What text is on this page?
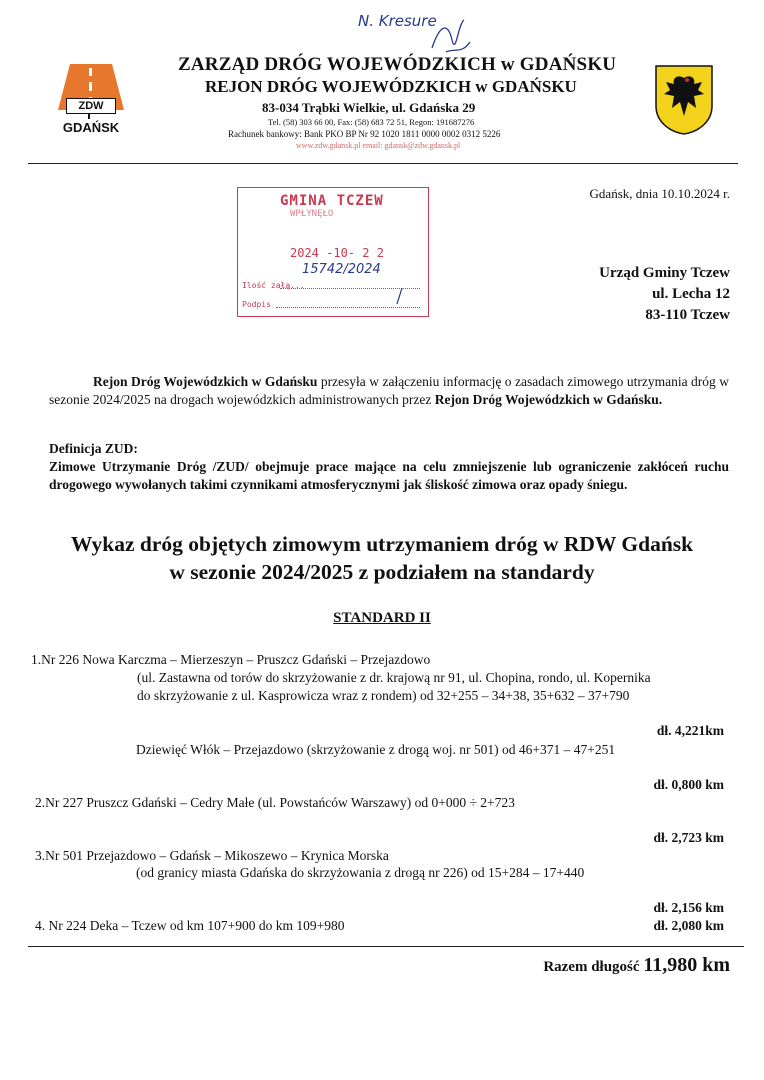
N. Kresure
ZDW
GDAŃSK
ZARZĄD DRÓG WOJEWÓDZKICH w GDAŃSKU
REJON DRÓG WOJEWÓDZKICH w GDAŃSKU
83-034 Trąbki Wielkie, ul. Gdańska 29
Tel. (58) 303 66 00, Fax: (58) 683 72 51, Regon: 191687276
Rachunek bankowy: Bank PKO BP Nr 92 1020 1811 0000 0002 0312 5226
www.zdw.gdansk.pl email: gdansk@zdw.gdansk.pl
GMINA TCZEW
WPŁYNĘŁO
2024 -10- 2 2
15742/2024
Ilość załą...
Podpis
Gdańsk, dnia 10.10.2024 r.
Urząd Gminy Tczew
ul. Lecha 12
83-110 Tczew
Rejon Dróg Wojewódzkich w Gdańsku przesyła w załączeniu informację o zasadach zimowego utrzymania dróg w sezonie 2024/2025 na drogach wojewódzkich administrowanych przez Rejon Dróg Wojewódzkich w Gdańsku.
Definicja ZUD:
Zimowe Utrzymanie Dróg /ZUD/ obejmuje prace mające na celu zmniejszenie lub ograniczenie zakłóceń ruchu drogowego wywołanych takimi czynnikami atmosferycznymi jak śliskość zimowa oraz opady śniegu.
Wykaz dróg objętych zimowym utrzymaniem dróg w RDW Gdańsk
w sezonie 2024/2025 z podziałem na standardy
STANDARD II
1.Nr 226 Nowa Karczma – Mierzeszyn – Pruszcz Gdański – Przejazdowo
(ul. Zastawna od torów do skrzyżowanie z dr. krajową nr 91, ul. Chopina, rondo, ul. Kopernika
do skrzyżowanie z ul. Kasprowicza wraz z rondem) od 32+255 – 34+38, 35+632 – 37+790
dł. 4,221km
Dziewięć Włók – Przejazdowo (skrzyżowanie z drogą woj. nr 501) od 46+371 – 47+251
dł. 0,800 km
2.Nr 227 Pruszcz Gdański – Cedry Małe (ul. Powstańców Warszawy) od 0+000 ÷ 2+723
dł. 2,723 km
3.Nr 501 Przejazdowo – Gdańsk – Mikoszewo – Krynica Morska
(od granicy miasta Gdańska do skrzyżowania z drogą nr 226) od 15+284 – 17+440
dł. 2,156 km
4. Nr 224 Deka – Tczew od km 107+900 do km 109+980	dł. 2,080 km
Razem długość 11,980 km
